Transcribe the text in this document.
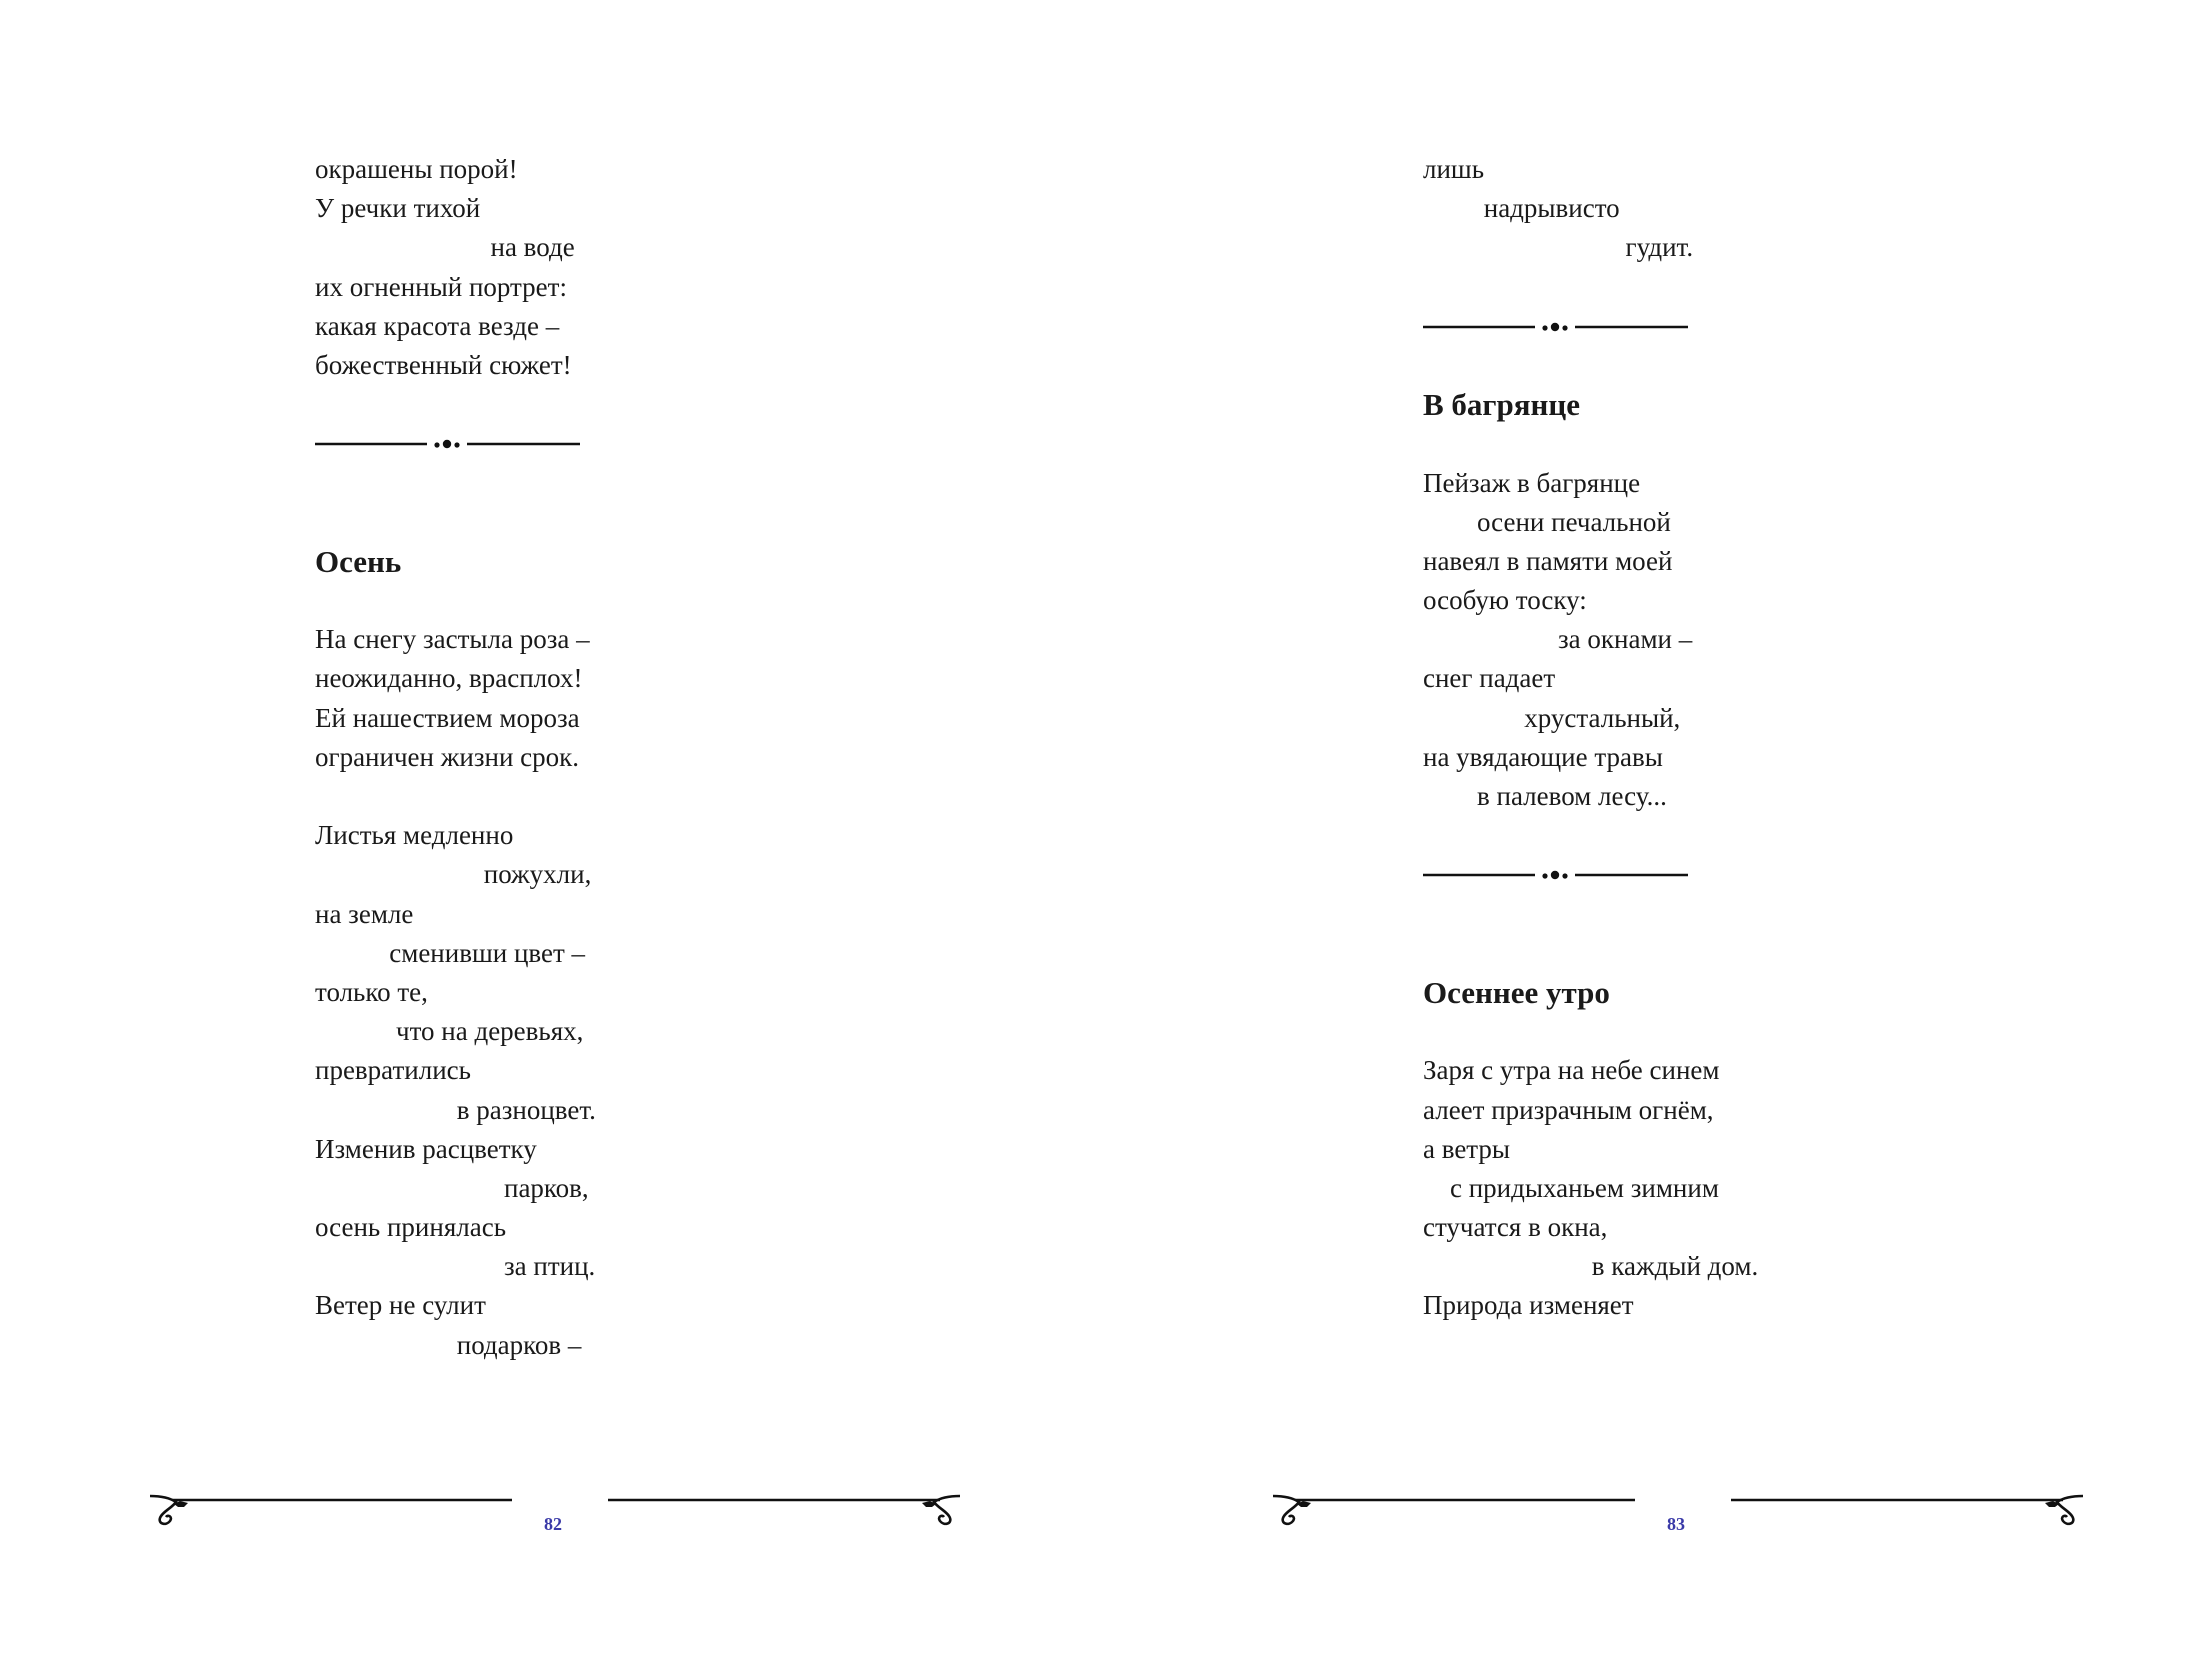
окрашены порой!
У речки тихой
на воде
их огненный портрет:
какая красота везде –
божественный сюжет!
Осень
На снегу застыла роза –
неожиданно, врасплох!
Ей нашествием мороза
ограничен жизни срок.
Листья медленно
пожухли,
на земле
сменивши цвет –
только те,
что на деревьях,
превратились
в разноцвет.
Изменив расцветку
парков,
осень принялась
за птиц.
Ветер не сулит
подарков –
82
лишь
надрывисто
гудит.
В багрянце
Пейзаж в багрянце
осени печальной
навеял в памяти моей
особую тоску:
за окнами –
снег падает
хрустальный,
на увядающие травы
в палевом лесу...
Осеннее утро
Заря с утра на небе синем
алеет призрачным огнём,
а ветры
с придыханьем зимним
стучатся в окна,
в каждый дом.
Природа изменяет
83
